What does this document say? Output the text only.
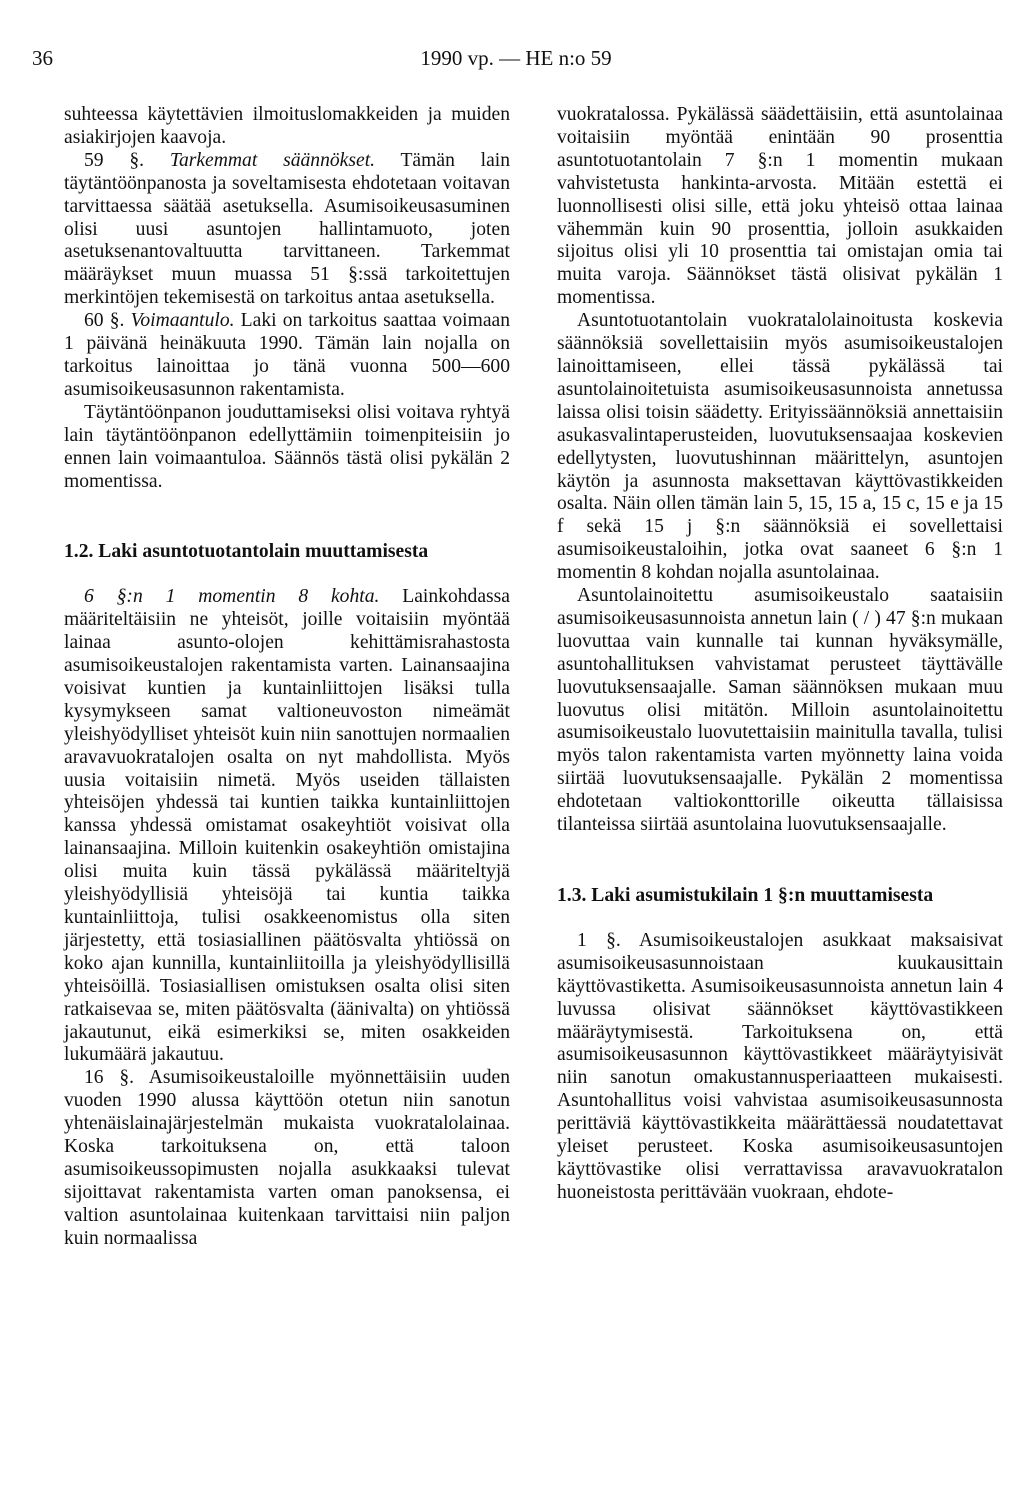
36	1990 vp. — HE n:o 59

suhteessa käytettävien ilmoituslomakkeiden ja muiden asiakirjojen kaavoja.

59 §. Tarkemmat säännökset. Tämän lain täytäntöönpanosta ja soveltamisesta ehdotetaan voitavan tarvittaessa säätää asetuksella. Asumisoikeusasuminen olisi uusi asuntojen hallintamuoto, joten asetuksenantovaltuutta tarvittaneen. Tarkemmat määräykset muun muassa 51 §:ssä tarkoitettujen merkintöjen tekemisestä on tarkoitus antaa asetuksella.

60 §. Voimaantulo. Laki on tarkoitus saattaa voimaan 1 päivänä heinäkuuta 1990. Tämän lain nojalla on tarkoitus lainoittaa jo tänä vuonna 500—600 asumisoikeusasunnon rakentamista.

Täytäntöönpanon jouduttamiseksi olisi voitava ryhtyä lain täytäntöönpanon edellyttämiin toimenpiteisiin jo ennen lain voimaantuloa. Säännös tästä olisi pykälän 2 momentissa.

1.2. Laki asuntotuotantolain muuttamisesta

6 §:n 1 momentin 8 kohta. Lainkohdassa määriteltäisiin ne yhteisöt, joille voitaisiin myöntää lainaa asunto-olojen kehittämisrahastosta asumisoikeustalojen rakentamista varten. Lainansaajina voisivat kuntien ja kuntainliittojen lisäksi tulla kysymykseen samat valtioneuvoston nimeämät yleishyödylliset yhteisöt kuin niin sanottujen normaalien aravavuokratalojen osalta on nyt mahdollista. Myös uusia voitaisiin nimetä. Myös useiden tällaisten yhteisöjen yhdessä tai kuntien taikka kuntainliittojen kanssa yhdessä omistamat osakeyhtiöt voisivat olla lainansaajina. Milloin kuitenkin osakeyhtiön omistajina olisi muita kuin tässä pykälässä määriteltyjä yleishyödyllisiä yhteisöjä tai kuntia taikka kuntainliittoja, tulisi osakkeenomistus olla siten järjestetty, että tosiasiallinen päätösvalta yhtiössä on koko ajan kunnilla, kuntainliitoilla ja yleishyödyllisillä yhteisöillä. Tosiasiallisen omistuksen osalta olisi siten ratkaisevaa se, miten päätösvalta (äänivalta) on yhtiössä jakautunut, eikä esimerkiksi se, miten osakkeiden lukumäärä jakautuu.

16 §. Asumisoikeustaloille myönnettäisiin uuden vuoden 1990 alussa käyttöön otetun niin sanotun yhtenäislainajärjestelmän mukaista vuokratalolainaa. Koska tarkoituksena on, että taloon asumisoikeussopimusten nojalla asukkaaksi tulevat sijoittavat rakentamista varten oman panoksensa, ei valtion asuntolainaa kuitenkaan tarvittaisi niin paljon kuin normaalissa

vuokratalossa. Pykälässä säädettäisiin, että asuntolainaa voitaisiin myöntää enintään 90 prosenttia asuntotuotantolain 7 §:n 1 momentin mukaan vahvistetusta hankinta-arvosta. Mitään estettä ei luonnollisesti olisi sille, että joku yhteisö ottaa lainaa vähemmän kuin 90 prosenttia, jolloin asukkaiden sijoitus olisi yli 10 prosenttia tai omistajan omia tai muita varoja. Säännökset tästä olisivat pykälän 1 momentissa.

Asuntotuotantolain vuokratalolainoitusta koskevia säännöksiä sovellettaisiin myös asumisoikeustalojen lainoittamiseen, ellei tässä pykälässä tai asuntolainoitetuista asumisoikeusasunnoista annetussa laissa olisi toisin säädetty. Erityissäännöksiä annettaisiin asukasvalintaperusteiden, luovutuksensaajaa koskevien edellytysten, luovutushinnan määrittelyn, asuntojen käytön ja asunnosta maksettavan käyttövastikkeiden osalta. Näin ollen tämän lain 5, 15, 15 a, 15 c, 15 e ja 15 f sekä 15 j §:n säännöksiä ei sovellettaisi asumisoikeustaloihin, jotka ovat saaneet 6 §:n 1 momentin 8 kohdan nojalla asuntolainaa.

Asuntolainoitettu asumisoikeustalo saataisiin asumisoikeusasunnoista annetun lain ( / ) 47 §:n mukaan luovuttaa vain kunnalle tai kunnan hyväksymälle, asuntohallituksen vahvistamat perusteet täyttävälle luovutuksensaajalle. Saman säännöksen mukaan muu luovutus olisi mitätön. Milloin asuntolainoitettu asumisoikeustalo luovutettaisiin mainitulla tavalla, tulisi myös talon rakentamista varten myönnetty laina voida siirtää luovutuksensaajalle. Pykälän 2 momentissa ehdotetaan valtiokonttorille oikeutta tällaisissa tilanteissa siirtää asuntolaina luovutuksensaajalle.

1.3. Laki asumistukilain 1 §:n muuttamisesta

1 §. Asumisoikeustalojen asukkaat maksaisivat asumisoikeusasunnoistaan kuukausittain käyttövastiketta. Asumisoikeusasunnoista annetun lain 4 luvussa olisivat säännökset käyttövastikkeen määräytymisestä. Tarkoituksena on, että asumisoikeusasunnon käyttövastikkeet määräytyisivät niin sanotun omakustannusperiaatteen mukaisesti. Asuntohallitus voisi vahvistaa asumisoikeusasunnosta perittäviä käyttövastikkeita määrättäessä noudatettavat yleiset perusteet. Koska asumisoikeusasuntojen käyttövastike olisi verrattavissa aravavuokratalon huoneistosta perittävään vuokraan, ehdote-
